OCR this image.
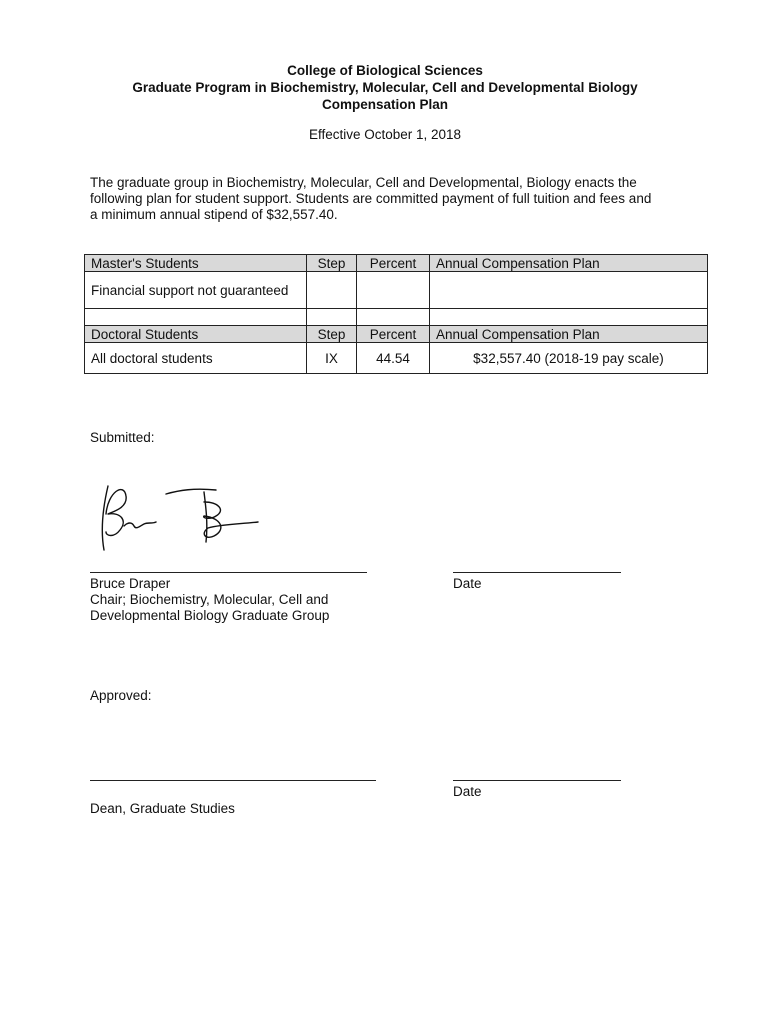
College of Biological Sciences
Graduate Program in Biochemistry, Molecular, Cell and Developmental Biology
Compensation Plan
Effective October 1, 2018
The graduate group in Biochemistry, Molecular, Cell and Developmental, Biology enacts the
following plan for student support. Students are committed payment of full tuition and fees and
a minimum annual stipend of $32,557.40.
Master's Students	Step	Percent	Annual Compensation Plan
Financial support not guaranteed			

Doctoral Students	Step	Percent	Annual Compensation Plan
All doctoral students	IX	44.54	$32,557.40 (2018-19 pay scale)
Submitted:
Bruce Draper
Chair; Biochemistry, Molecular, Cell and
Developmental Biology Graduate Group
Date
Approved:
Date
Dean, Graduate Studies
